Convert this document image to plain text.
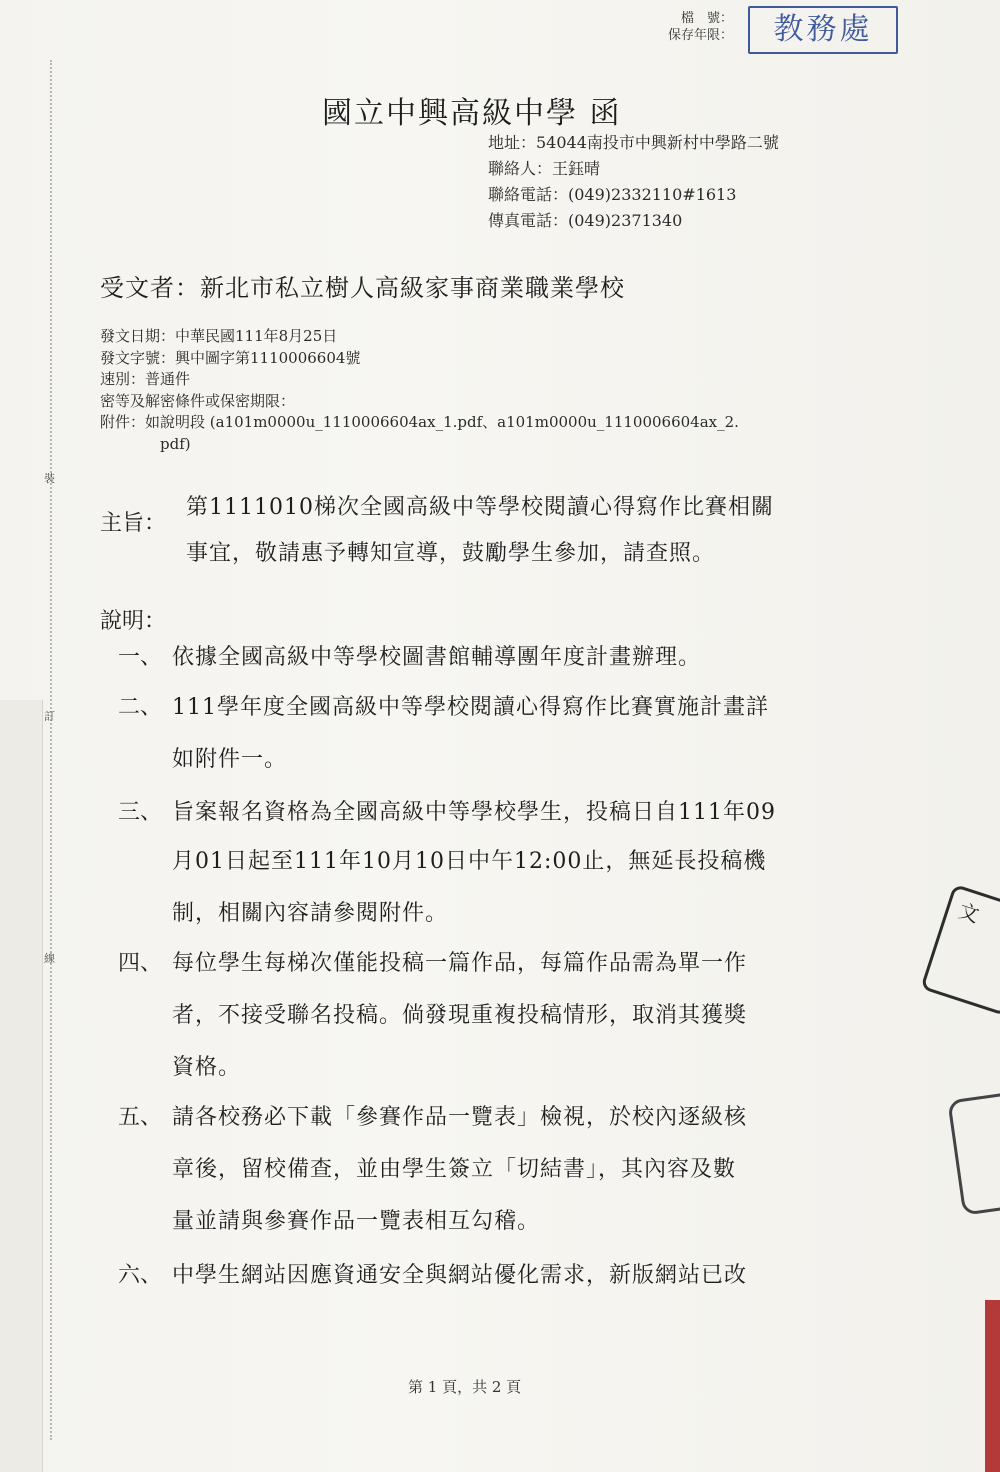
裝
訂
線
檔　號：
保存年限：	教務處
國立中興高級中學 函
地址：54044南投市中興新村中學路二號
聯絡人：王鈺晴
聯絡電話：(049)2332110#1613
傳真電話：(049)2371340
受文者：新北市私立樹人高級家事商業職業學校
發文日期：中華民國111年8月25日
發文字號：興中圖字第1110006604號
速別：普通件
密等及解密條件或保密期限：
附件：如說明段 (a101m0000u_1110006604ax_1.pdf、a101m0000u_1110006604ax_2.
pdf)
主旨：
第1111010梯次全國高級中等學校閱讀心得寫作比賽相關
事宜，敬請惠予轉知宣導，鼓勵學生參加，請查照。
說明：
一、 依據全國高級中等學校圖書館輔導團年度計畫辦理。
二、 111學年度全國高級中等學校閱讀心得寫作比賽實施計畫詳
如附件一。
三、 旨案報名資格為全國高級中等學校學生，投稿日自111年09
月01日起至111年10月10日中午12:00止，無延長投稿機
制，相關內容請參閱附件。
四、 每位學生每梯次僅能投稿一篇作品，每篇作品需為單一作
者，不接受聯名投稿。倘發現重複投稿情形，取消其獲獎
資格。
五、 請各校務必下載「參賽作品一覽表」檢視，於校內逐級核
章後，留校備查，並由學生簽立「切結書」，其內容及數
量並請與參賽作品一覽表相互勾稽。
六、 中學生網站因應資通安全與網站優化需求，新版網站已改
第 1 頁，共 2 頁
文
